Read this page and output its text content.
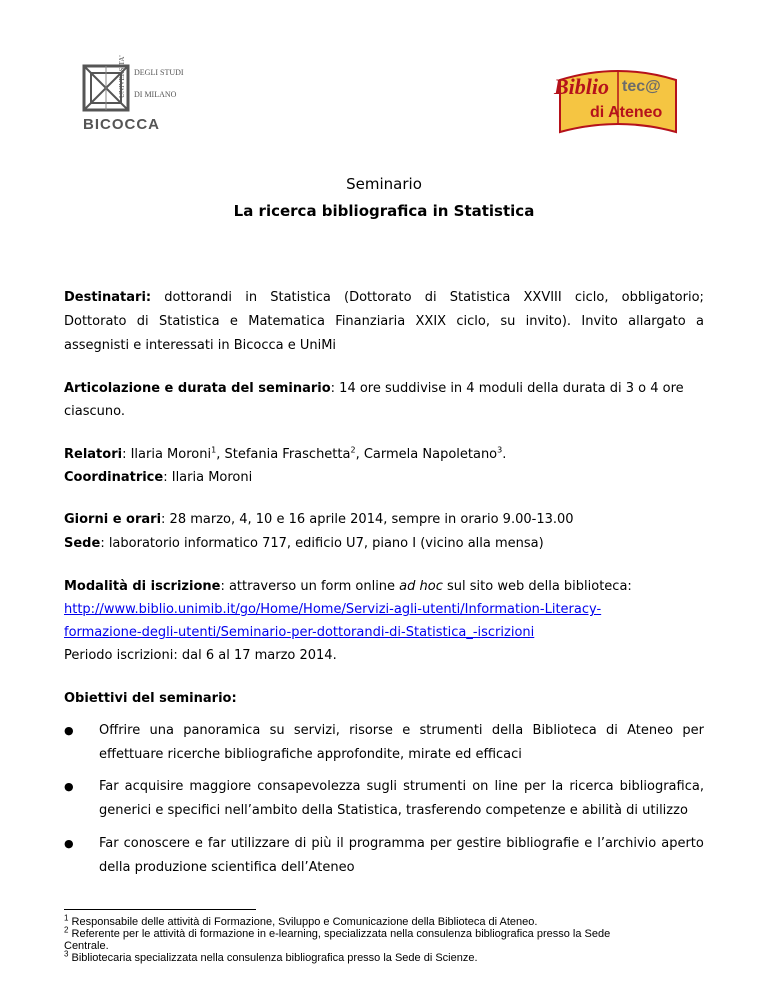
UNIVERSITA' DEGLI STUDI
DI MILANO
BICOCCA
Biblio tec@
di Ateneo
Seminario
La ricerca bibliografica in Statistica
Destinatari: dottorandi in Statistica (Dottorato di Statistica XXVIII ciclo, obbligatorio;
Dottorato di Statistica e Matematica Finanziaria XXIX ciclo, su invito). Invito allargato a
assegnisti e interessati in Bicocca e UniMi
Articolazione e durata del seminario: 14 ore suddivise in 4 moduli della durata di 3 o 4 ore
ciascuno.
Relatori: Ilaria Moroni$^1$, Stefania Fraschetta$^2$, Carmela Napoletano$^3$.
Coordinatrice: Ilaria Moroni
Giorni e orari: 28 marzo, 4, 10 e 16 aprile 2014, sempre in orario 9.00-13.00
Sede: laboratorio informatico 717, edificio U7, piano I (vicino alla mensa)
Modalità di iscrizione: attraverso un form online ad hoc sul sito web della biblioteca:
http://www.biblio.unimib.it/go/Home/Home/Servizi-agli-utenti/Information-Literacy-
formazione-degli-utenti/Seminario-per-dottorandi-di-Statistica_-iscrizioni
Periodo iscrizioni: dal 6 al 17 marzo 2014.
Obiettivi del seminario:
● Offrire una panoramica su servizi, risorse e strumenti della Biblioteca di Ateneo per
effettuare ricerche bibliografiche approfondite, mirate ed efficaci
● Far acquisire maggiore consapevolezza sugli strumenti on line per la ricerca bibliografica,
generici e specifici nell’ambito della Statistica, trasferendo competenze e abilità di utilizzo
● Far conoscere e far utilizzare di più il programma per gestire bibliografie e l’archivio aperto
della produzione scientifica dell’Ateneo
$^1$ Responsabile delle attività di Formazione, Sviluppo e Comunicazione della Biblioteca di Ateneo.
$^2$ Referente per le attività di formazione in e-learning, specializzata nella consulenza bibliografica presso la Sede
Centrale.
$^3$ Bibliotecaria specializzata nella consulenza bibliografica presso la Sede di Scienze.
